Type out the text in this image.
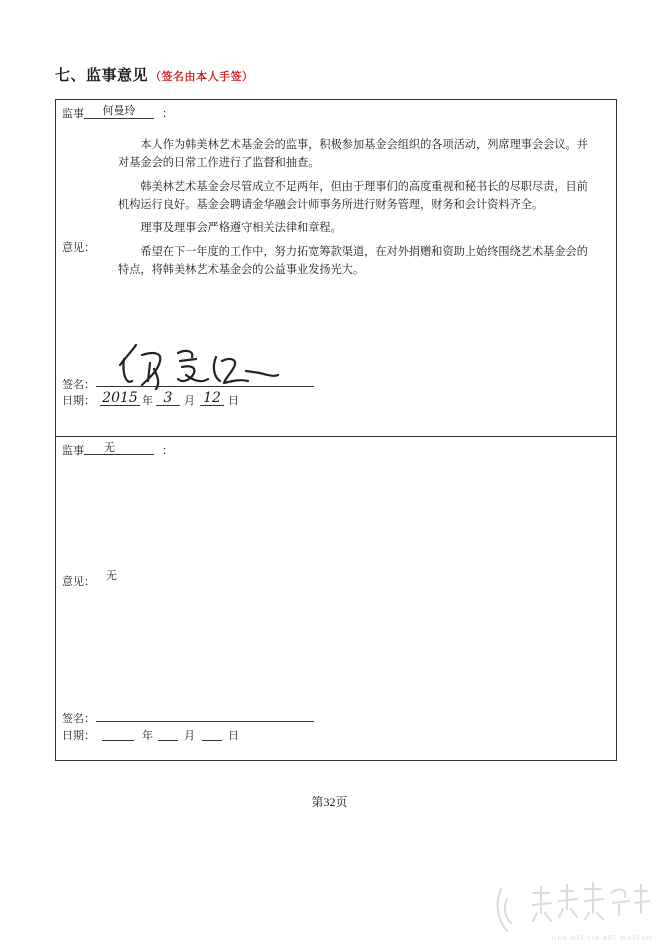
七、监事意见 （签名由本人手签）
监事	何曼玲	：
本人作为韩美林艺术基金会的监事，积极参加基金会组织的各项活动，列席理事会会议。并对基金会的日常工作进行了监督和抽查。
韩美林艺术基金会尽管成立不足两年，但由于理事们的高度重视和秘书长的尽职尽责，目前机构运行良好。基金会聘请金华融会计师事务所进行财务管理，财务和会计资料齐全。
理事及理事会严格遵守相关法律和章程。
希望在下一年度的工作中，努力拓宽筹款渠道，在对外捐赠和资助上始终围绕艺术基金会的特点，将韩美林艺术基金会的公益事业发扬光大。
意见：
签名：
日期： 2015 年 3	月 12 日
监事	无	：
意见： 无
签名：
日期：	年	月	日
第32页
HAN MEI LIN ART MUSEUM
